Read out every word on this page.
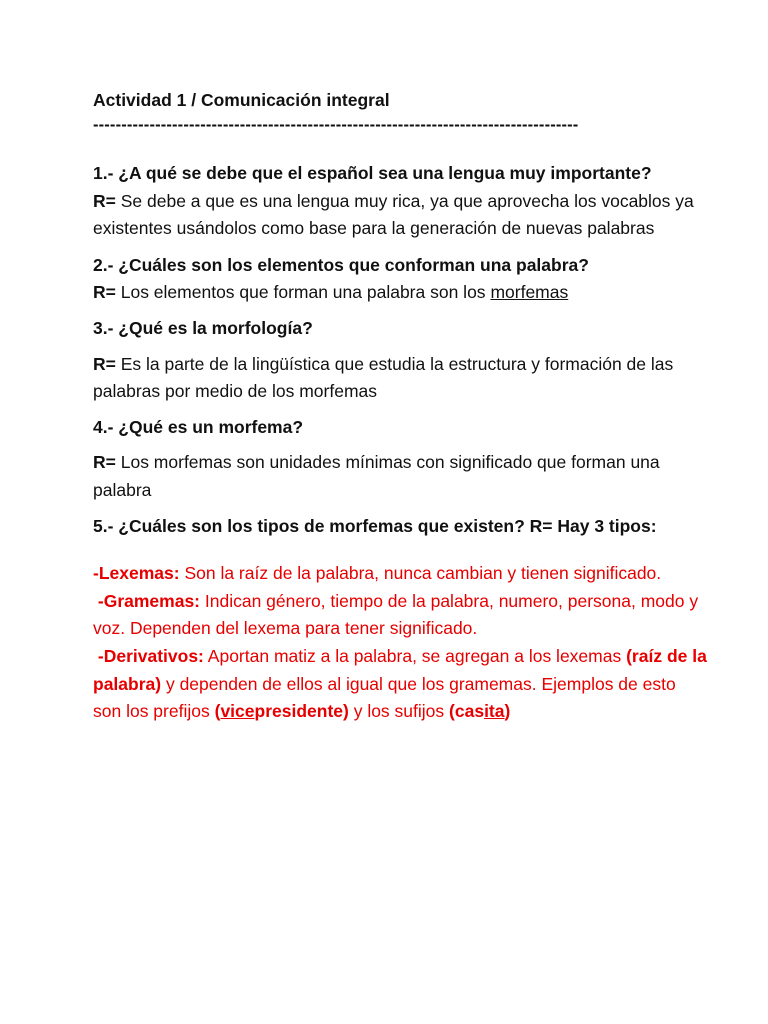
Actividad 1 / Comunicación integral

--------------------------------------------------------------------------------------

1.- ¿A qué se debe que el español sea una lengua muy importante?

R= Se debe a que es una lengua muy rica, ya que aprovecha los vocablos ya existentes usándolos como base para la generación de nuevas palabras

2.- ¿Cuáles son los elementos que conforman una palabra?

R= Los elementos que forman una palabra son los morfemas

3.- ¿Qué es la morfología?

R= Es la parte de la lingüística que estudia la estructura y formación de las palabras por medio de los morfemas

4.- ¿Qué es un morfema?

R= Los morfemas son unidades mínimas con significado que forman una palabra

5.- ¿Cuáles son los tipos de morfemas que existen? R= Hay 3 tipos:

-Lexemas: Son la raíz de la palabra, nunca cambian y tienen significado.

-Gramemas: Indican género, tiempo de la palabra, numero, persona, modo y voz. Dependen del lexema para tener significado.

-Derivativos: Aportan matiz a la palabra, se agregan a los lexemas (raíz de la palabra) y dependen de ellos al igual que los gramemas. Ejemplos de esto son los prefijos (vicepresidente) y los sufijos (casita)
